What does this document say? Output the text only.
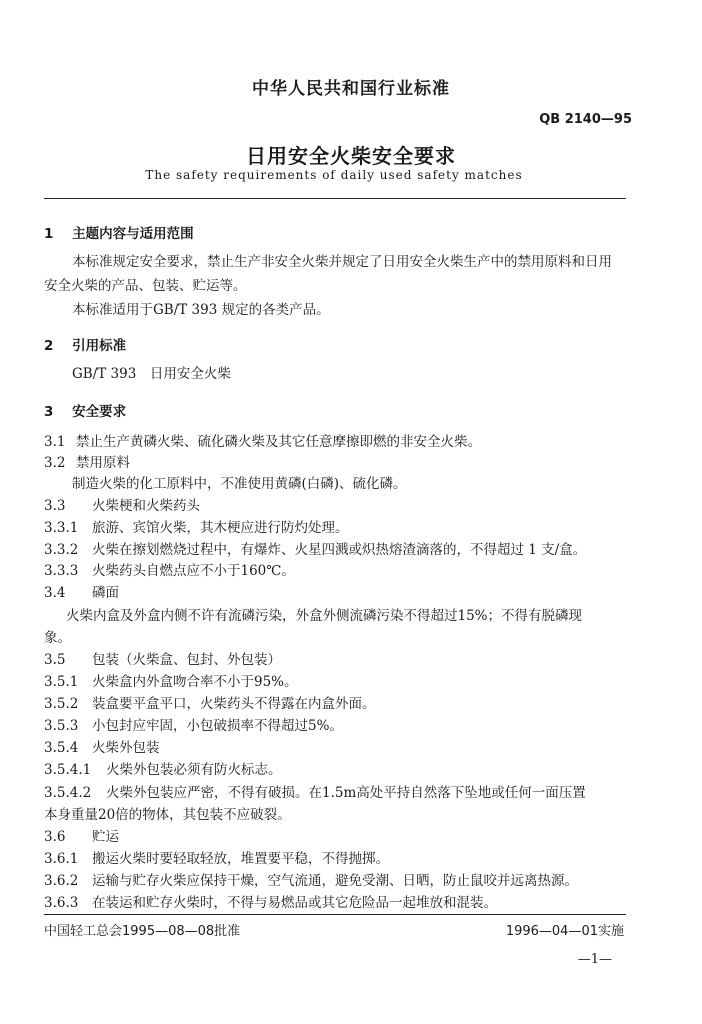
中华人民共和国行业标准
QB 2140—95
日用安全火柴安全要求
The safety requirements of daily used safety matches
1 主题内容与适用范围
本标准规定安全要求，禁止生产非安全火柴并规定了日用安全火柴生产中的禁用原料和日用
安全火柴的产品、包装、贮运等。
本标准适用于GB/T 393 规定的各类产品。
2 引用标准
GB/T 393　日用安全火柴
3 安全要求
3.1 禁止生产黄磷火柴、硫化磷火柴及其它任意摩擦即燃的非安全火柴。
3.2 禁用原料
制造火柴的化工原料中，不准使用黄磷(白磷)、硫化磷。
3.3 火柴梗和火柴药头
3.3.1 旅游、宾馆火柴，其木梗应进行防灼处理。
3.3.2 火柴在擦划燃烧过程中，有爆炸、火星四溅或炽热熔渣滴落的，不得超过 1 支/盒。
3.3.3 火柴药头自燃点应不小于160℃。
3.4 磷面
火柴内盒及外盒内侧不许有流磷污染，外盒外侧流磷污染不得超过15%；不得有脱磷现
象。
3.5 包装（火柴盒、包封、外包装）
3.5.1 火柴盒内外盒吻合率不小于95%。
3.5.2 装盒要平盒平口，火柴药头不得露在内盒外面。
3.5.3 小包封应牢固，小包破损率不得超过5%。
3.5.4 火柴外包装
3.5.4.1 火柴外包装必须有防火标志。
3.5.4.2 火柴外包装应严密，不得有破损。在1.5m高处平持自然落下坠地或任何一面压置
本身重量20倍的物体，其包装不应破裂。
3.6 贮运
3.6.1 搬运火柴时要轻取轻放，堆置要平稳，不得抛掷。
3.6.2 运输与贮存火柴应保持干燥，空气流通，避免受潮、日晒，防止鼠咬并远离热源。
3.6.3 在装运和贮存火柴时，不得与易燃品或其它危险品一起堆放和混装。
中国轻工总会1995—08—08批准	1996—04—01实施
—1—
